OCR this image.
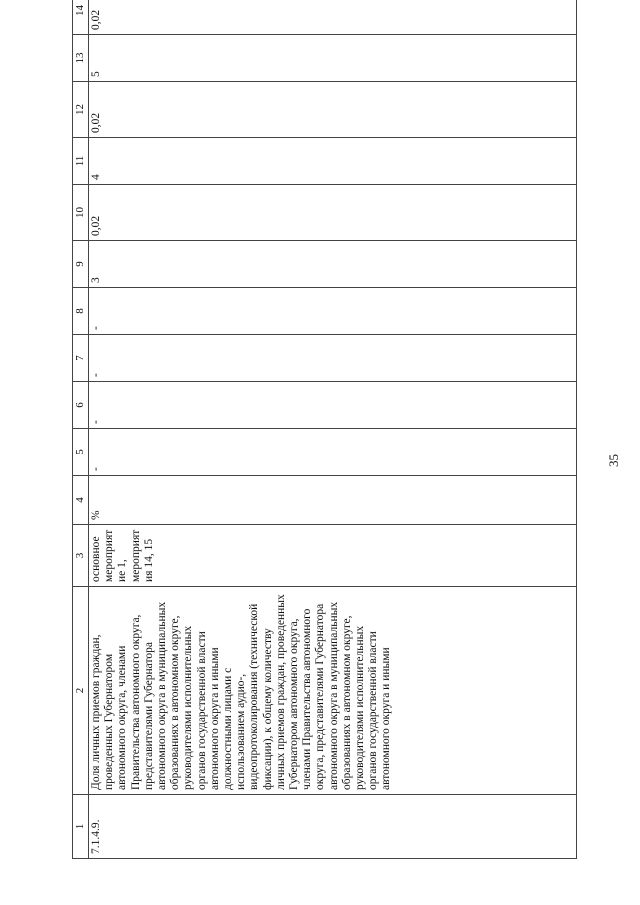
35
1	2	3	4	5	6	7	8	9	10	11	12	13	14
7.1.4.9.	Доля личных приемов граждан, проведенных Губернатором автономного округа, членами Правительства автономного округа, представителями Губернатора автономного округа в муниципальных образованиях в автономном округе, руководителями исполнительных органов государственной власти автономного округа и иными должностными лицами с использованием аудио-, видеопротоколирования (технической фиксации), к общему количеству личных приемов граждан, проведенных Губернатором автономного округа, членами Правительства автономного округа, представителями Губернатора автономного округа в муниципальных образованиях в автономном округе, руководителями исполнительных органов государственной власти автономного округа и иными	основное мероприятие 1, мероприятия 14, 15	%	-	-	-	-	3	0,02	4	0,02	5	0,02
